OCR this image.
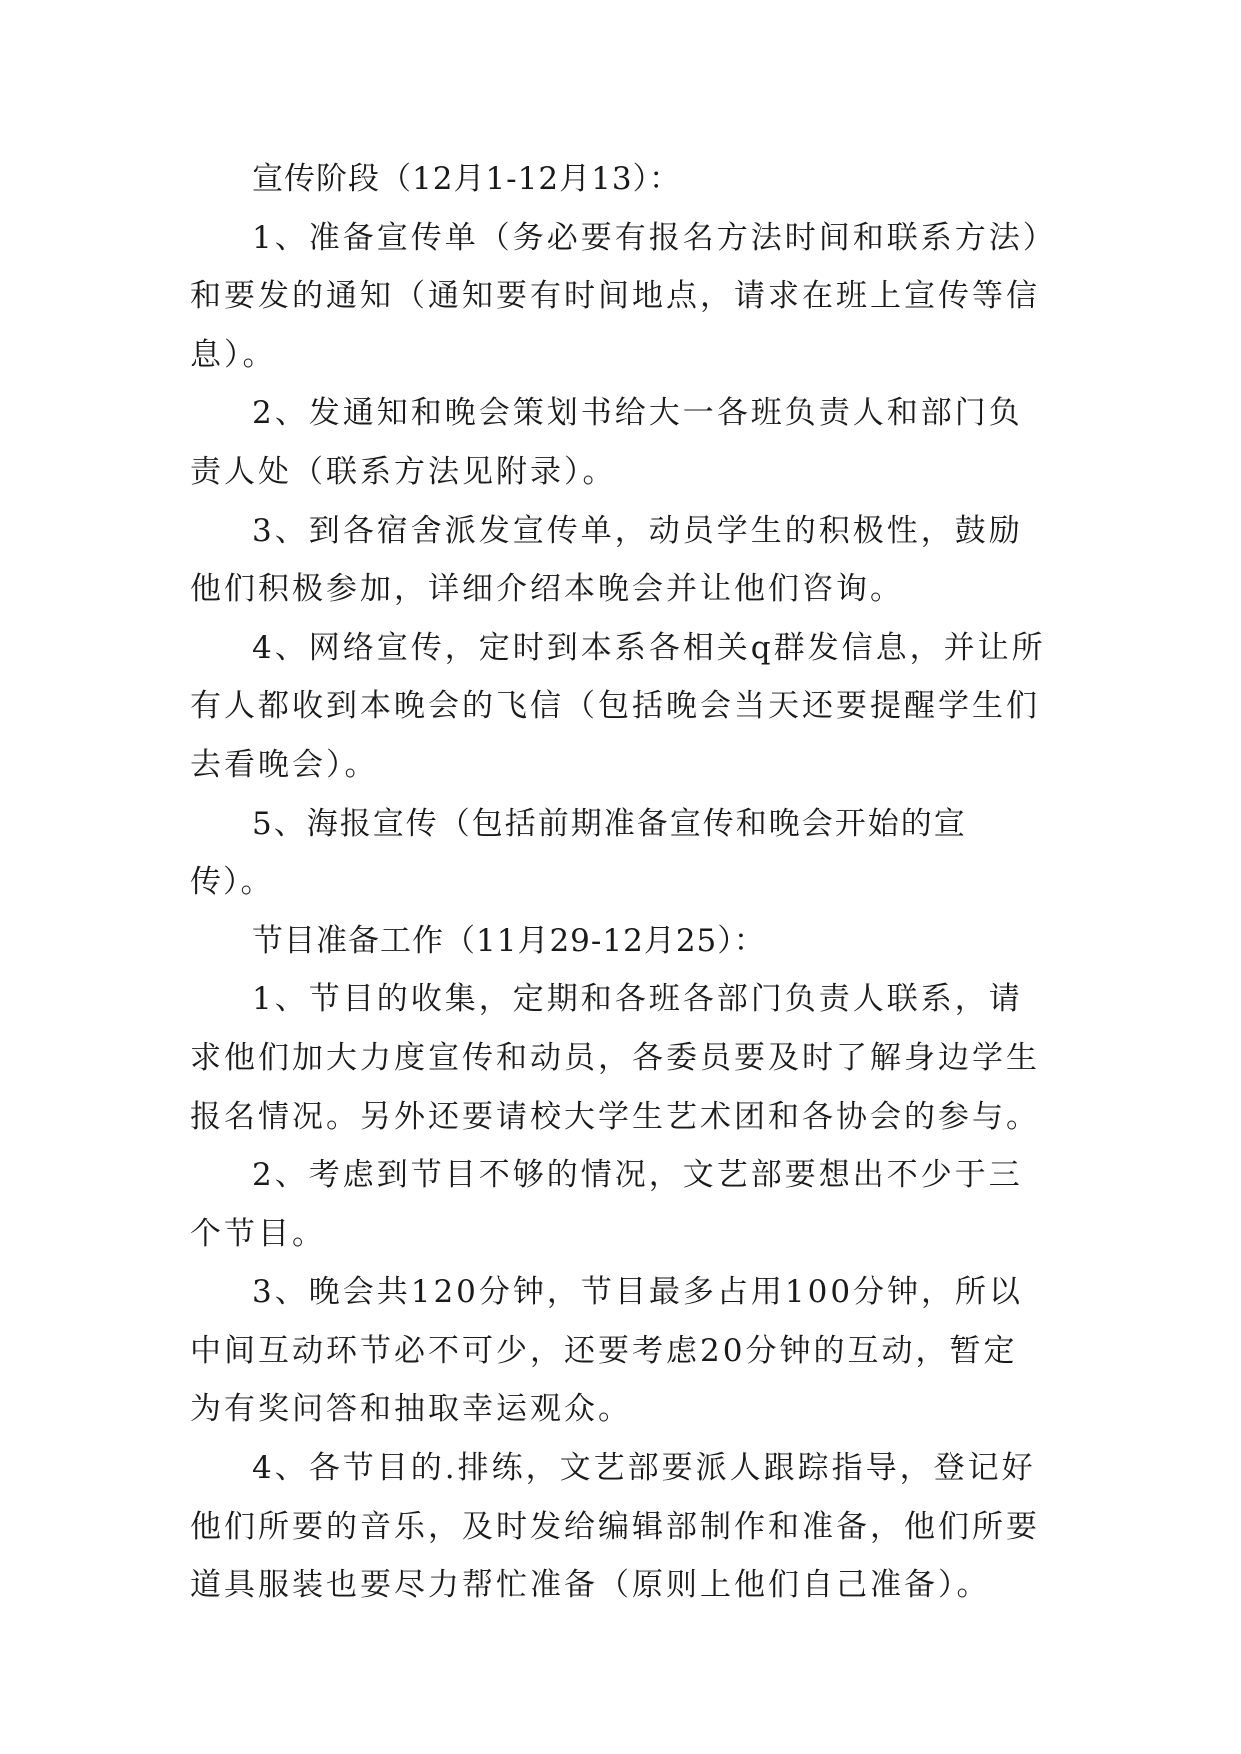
宣传阶段（12月1-12月13）：

1、准备宣传单（务必要有报名方法时间和联系方法）和要发的通知（通知要有时间地点，请求在班上宣传等信息）。

2、发通知和晚会策划书给大一各班负责人和部门负责人处（联系方法见附录）。

3、到各宿舍派发宣传单，动员学生的积极性，鼓励他们积极参加，详细介绍本晚会并让他们咨询。

4、网络宣传，定时到本系各相关q群发信息，并让所有人都收到本晚会的飞信（包括晚会当天还要提醒学生们去看晚会）。

5、海报宣传（包括前期准备宣传和晚会开始的宣传）。

节目准备工作（11月29-12月25）：

1、节目的收集，定期和各班各部门负责人联系，请求他们加大力度宣传和动员，各委员要及时了解身边学生报名情况。另外还要请校大学生艺术团和各协会的参与。

2、考虑到节目不够的情况，文艺部要想出不少于三个节目。

3、晚会共120分钟，节目最多占用100分钟，所以中间互动环节必不可少，还要考虑20分钟的互动，暂定为有奖问答和抽取幸运观众。

4、各节目的.排练，文艺部要派人跟踪指导，登记好他们所要的音乐，及时发给编辑部制作和准备，他们所要道具服装也要尽力帮忙准备（原则上他们自己准备）。
